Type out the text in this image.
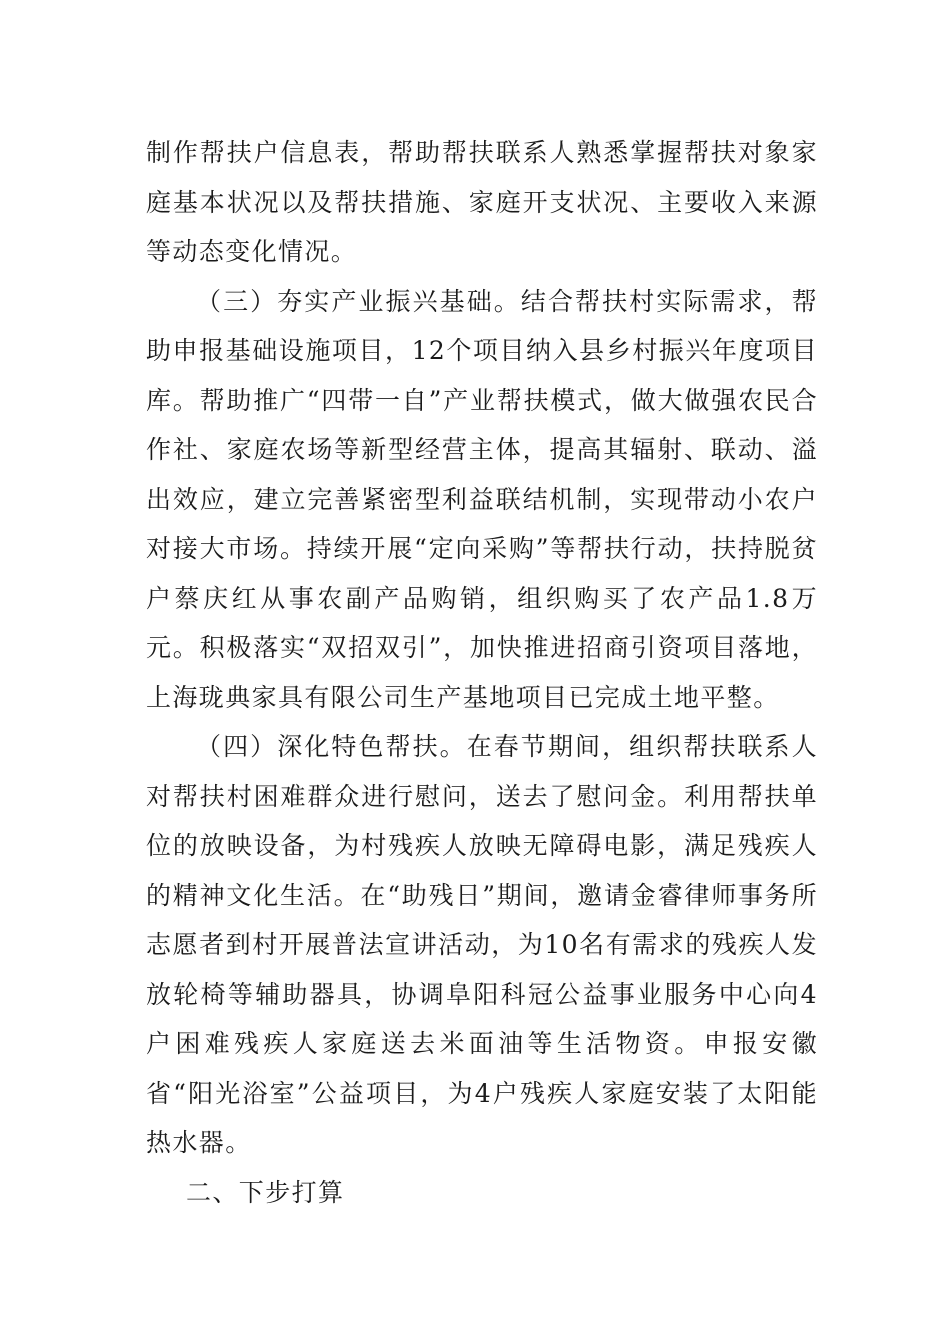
制作帮扶户信息表，帮助帮扶联系人熟悉掌握帮扶对象家庭基本状况以及帮扶措施、家庭开支状况、主要收入来源等动态变化情况。

（三）夯实产业振兴基础。结合帮扶村实际需求，帮助申报基础设施项目，12个项目纳入县乡村振兴年度项目库。帮助推广“四带一自”产业帮扶模式，做大做强农民合作社、家庭农场等新型经营主体，提高其辐射、联动、溢出效应，建立完善紧密型利益联结机制，实现带动小农户对接大市场。持续开展“定向采购”等帮扶行动，扶持脱贫户蔡庆红从事农副产品购销，组织购买了农产品1.8万元。积极落实“双招双引”，加快推进招商引资项目落地，上海珑典家具有限公司生产基地项目已完成土地平整。

（四）深化特色帮扶。在春节期间，组织帮扶联系人对帮扶村困难群众进行慰问，送去了慰问金。利用帮扶单位的放映设备，为村残疾人放映无障碍电影，满足残疾人的精神文化生活。在“助残日”期间，邀请金睿律师事务所志愿者到村开展普法宣讲活动，为10名有需求的残疾人发放轮椅等辅助器具，协调阜阳科冠公益事业服务中心向4户困难残疾人家庭送去米面油等生活物资。申报安徽省“阳光浴室”公益项目，为4户残疾人家庭安装了太阳能热水器。

二、下步打算
